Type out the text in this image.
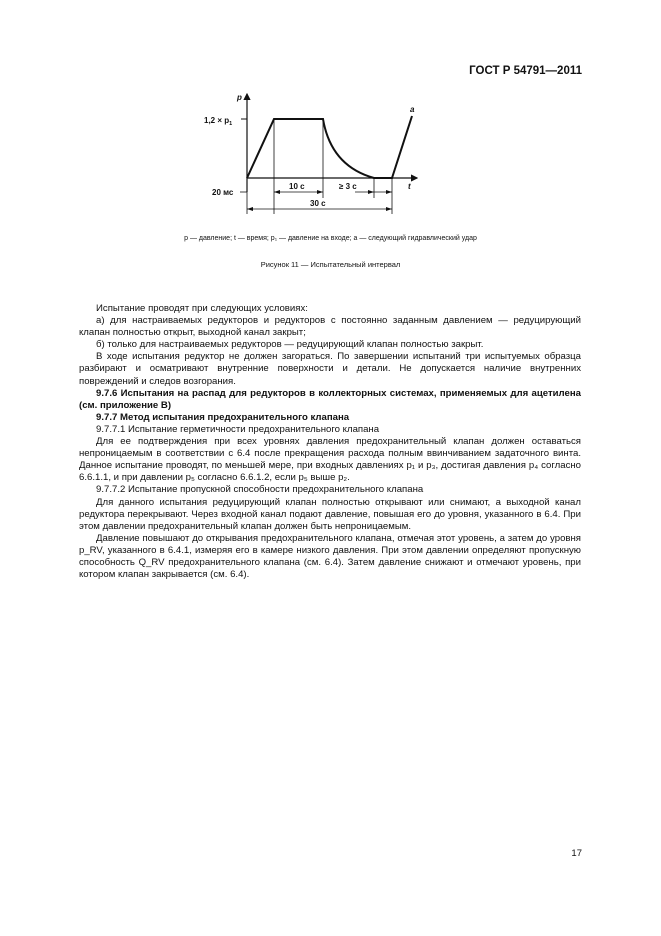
ГОСТ Р 54791—2011
p
t
$1,2 \times p_1$
a
20 мс
10 с	≥ 3 с
30 с
p — давление; t — время; p₁ — давление на входе; a — следующий гидравлический удар
Рисунок 11 — Испытательный интервал

Испытание проводят при следующих условиях:

а) для настраиваемых редукторов и редукторов с постоянно заданным давлением — редуцирующий клапан полностью открыт, выходной канал закрыт;

б) только для настраиваемых редукторов — редуцирующий клапан полностью закрыт.

В ходе испытания редуктор не должен загораться. По завершении испытаний три испытуемых образца разбирают и осматривают внутренние поверхности и детали. Не допускается наличие внутренних повреждений и следов возгорания.

9.7.6 Испытания на распад для редукторов в коллекторных системах, применяемых для ацетилена (см. приложение В)

9.7.7 Метод испытания предохранительного клапана

9.7.7.1 Испытание герметичности предохранительного клапана

Для ее подтверждения при всех уровнях давления предохранительный клапан должен оставаться непроницаемым в соответствии с 6.4 после прекращения расхода полным ввинчиванием задаточного винта. Данное испытание проводят, по меньшей мере, при входных давлениях p₁ и p₃, достигая давления p₄ согласно 6.6.1.1, и при давлении p₅ согласно 6.6.1.2, если p₅ выше p₂.

9.7.7.2 Испытание пропускной способности предохранительного клапана

Для данного испытания редуцирующий клапан полностью открывают или снимают, а выходной канал редуктора перекрывают. Через входной канал подают давление, повышая его до уровня, указанного в 6.4. При этом давлении предохранительный клапан должен быть непроницаемым.

Давление повышают до открывания предохранительного клапана, отмечая этот уровень, а затем до уровня p_RV, указанного в 6.4.1, измеряя его в камере низкого давления. При этом давлении определяют пропускную способность Q_RV предохранительного клапана (см. 6.4). Затем давление снижают и отмечают уровень, при котором клапан закрывается (см. 6.4).

17
